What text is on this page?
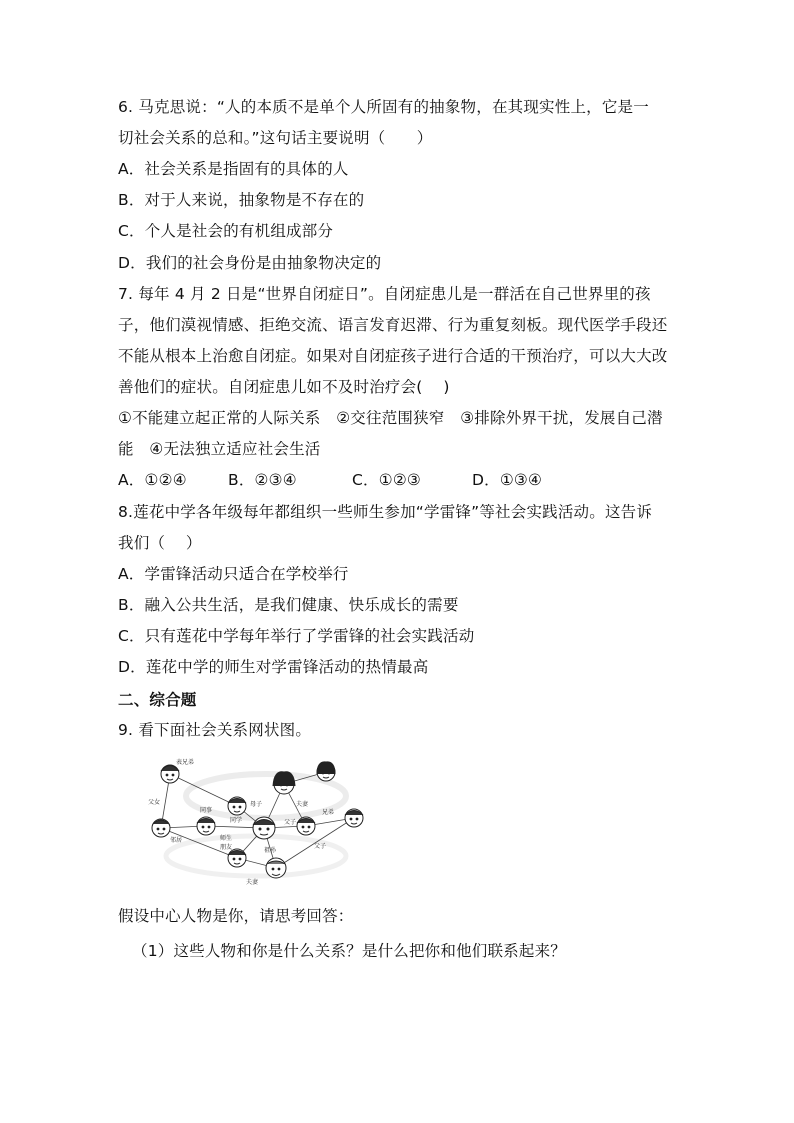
6. 马克思说：“人的本质不是单个人所固有的抽象物，在其现实性上，它是一
切社会关系的总和。”这句话主要说明（　　）
A．社会关系是指固有的具体的人
B．对于人来说，抽象物是不存在的
C．个人是社会的有机组成部分
D．我们的社会身份是由抽象物决定的
7. 每年 4 月 2 日是“世界自闭症日”。自闭症患儿是一群活在自己世界里的孩
子，他们漠视情感、拒绝交流、语言发育迟滞、行为重复刻板。现代医学手段还
不能从根本上治愈自闭症。如果对自闭症孩子进行合适的干预治疗，可以大大改
善他们的症状。自闭症患儿如不及时治疗会(　 )
①不能建立起正常的人际关系　②交往范围狭窄　③排除外界干扰，发展自己潜
能　④无法独立适应社会生活
A．①②④	B．②③④	C．①②③	D．①③④
8.莲花中学各年级每年都组织一些师生参加“学雷锋”等社会实践活动。这告诉
我们（　 ）
A．学雷锋活动只适合在学校举行
B．融入公共生活，是我们健康、快乐成长的需要
C．只有莲花中学每年举行了学雷锋的社会实践活动
D．莲花中学的师生对学雷锋活动的热情最高
二、综合题
9. 看下面社会关系网状图。
表兄弟
父女
同学
母子	夫妻
兄弟
师生
朋友
父子
邻居
祖孙
父子
夫妻
同事
假设中心人物是你，请思考回答：
（1）这些人物和你是什么关系？是什么把你和他们联系起来？
